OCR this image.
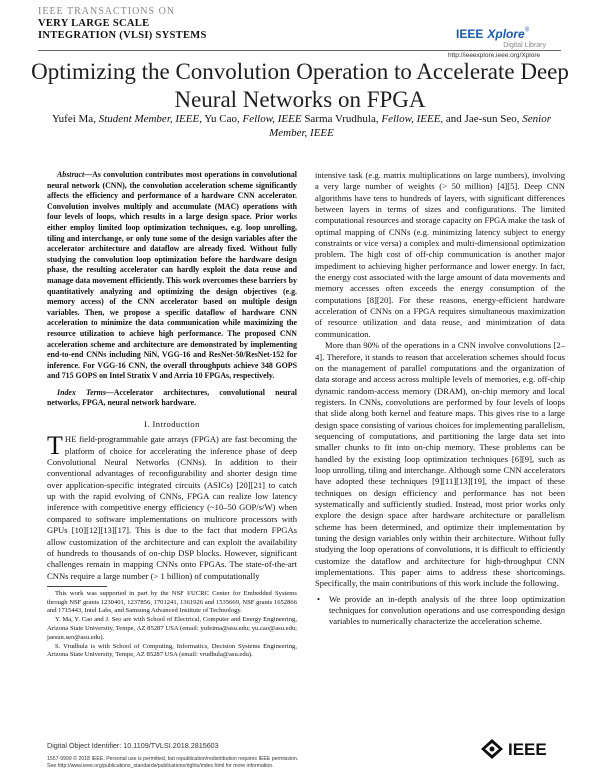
IEEE TRANSACTIONS ON
VERY LARGE SCALE
INTEGRATION (VLSI) SYSTEMS	IEEE Xplore®
Digital Library
http://ieeexplore.ieee.org/Xplore
Optimizing the Convolution Operation to Accelerate Deep Neural Networks on FPGA
Yufei Ma, Student Member, IEEE, Yu Cao, Fellow, IEEE Sarma Vrudhula, Fellow, IEEE, and Jae-sun Seo, Senior Member, IEEE

Abstract—As convolution contributes most operations in convolutional neural network (CNN), the convolution acceleration scheme significantly affects the efficiency and performance of a hardware CNN accelerator. Convolution involves multiply and accumulate (MAC) operations with four levels of loops, which results in a large design space. Prior works either employ limited loop optimization techniques, e.g. loop unrolling, tiling and interchange, or only tune some of the design variables after the accelerator architecture and dataflow are already fixed. Without fully studying the convolution loop optimization before the hardware design phase, the resulting accelerator can hardly exploit the data reuse and manage data movement efficiently. This work overcomes these barriers by quantitatively analyzing and optimizing the design objectives (e.g. memory access) of the CNN accelerator based on multiple design variables. Then, we propose a specific dataflow of hardware CNN acceleration to minimize the data communication while maximizing the resource utilization to achieve high performance. The proposed CNN acceleration scheme and architecture are demonstrated by implementing end-to-end CNNs including NiN, VGG-16 and ResNet-50/ResNet-152 for inference. For VGG-16 CNN, the overall throughputs achieve 348 GOPS and 715 GOPS on Intel Stratix V and Arria 10 FPGAs, respectively.

Index Terms—Accelerator architectures, convolutional neural networks, FPGA, neural network hardware.

I. Introduction

THE field-programmable gate arrays (FPGA) are fast becoming the platform of choice for accelerating the inference phase of deep Convolutional Neural Networks (CNNs). In addition to their conventional advantages of reconfigurability and shorter design time over application-specific integrated circuits (ASICs) [20][21] to catch up with the rapid evolving of CNNs, FPGA can realize low latency inference with competitive energy efficiency (~10–50 GOP/s/W) when compared to software implementations on multicore processors with GPUs [10][12][13][17]. This is due to the fact that modern FPGAs allow customization of the architecture and can exploit the availability of hundreds to thousands of on-chip DSP blocks. However, significant challenges remain in mapping CNNs onto FPGAs. The state-of-the-art CNNs require a large number (> 1 billion) of computationally

This work was supported in part by the NSF I/UCRC Center for Embedded Systems through NSF grants 1230401, 1237856, 1701241, 1361926 and 1535669, NSF grants 1652866 and 1715443, Intel Labs, and Samsung Advanced Institute of Technology.

Y. Ma, Y. Cao and J. Seo are with School of Electrical, Computer and Energy Engineering, Arizona State University, Tempe, AZ 85287 USA (email: yufeima@asu.edu; yu.cao@asu.edu; jaesun.seo@asu.edu).

S. Vrudhula is with School of Computing, Informatics, Decision Systems Engineering, Arizona State University, Tempe, AZ 85287 USA (email: vrudhula@asu.edu).

intensive task (e.g. matrix multiplications on large numbers), involving a very large number of weights (> 50 million) [4][5]. Deep CNN algorithms have tens to hundreds of layers, with significant differences between layers in terms of sizes and configurations. The limited computational resources and storage capacity on FPGA make the task of optimal mapping of CNNs (e.g. minimizing latency subject to energy constraints or vice versa) a complex and multi-dimensional optimization problem. The high cost of off-chip communication is another major impediment to achieving higher performance and lower energy. In fact, the energy cost associated with the large amount of data movements and memory accesses often exceeds the energy consumption of the computations [8][20]. For these reasons, energy-efficient hardware acceleration of CNNs on a FPGA requires simultaneous maximization of resource utilization and data reuse, and minimization of data communication.

More than 90% of the operations in a CNN involve convolutions [2–4]. Therefore, it stands to reason that acceleration schemes should focus on the management of parallel computations and the organization of data storage and access across multiple levels of memories, e.g. off-chip dynamic random-access memory (DRAM), on-chip memory and local registers. In CNNs, convolutions are performed by four levels of loops that slide along both kernel and feature maps. This gives rise to a large design space consisting of various choices for implementing parallelism, sequencing of computations, and partitioning the large data set into smaller chunks to fit into on-chip memory. These problems can be handled by the existing loop optimization techniques [6][9], such as loop unrolling, tiling and interchange. Although some CNN accelerators have adopted these techniques [9][11][13][19], the impact of these techniques on design efficiency and performance has not been systematically and sufficiently studied. Instead, most prior works only explore the design space after hardware architecture or parallelism scheme has been determined, and optimize their implementation by tuning the design variables only within their architecture. Without fully studying the loop operations of convolutions, it is difficult to efficiently customize the dataflow and architecture for high-throughput CNN implementations. This paper aims to address these shortcomings. Specifically, the main contributions of this work include the following.

• We provide an in-depth analysis of the three loop optimization techniques for convolution operations and use corresponding design variables to numerically characterize the acceleration scheme.

Digital Object Identifier: 10.1109/TVLSI.2018.2815603
1557-9999 © 2018 IEEE. Personal use is permitted, but republication/redistribution requires IEEE permission.
See http://www.ieee.org/publications_standards/publications/rights/index.html for more information.
IEEE
